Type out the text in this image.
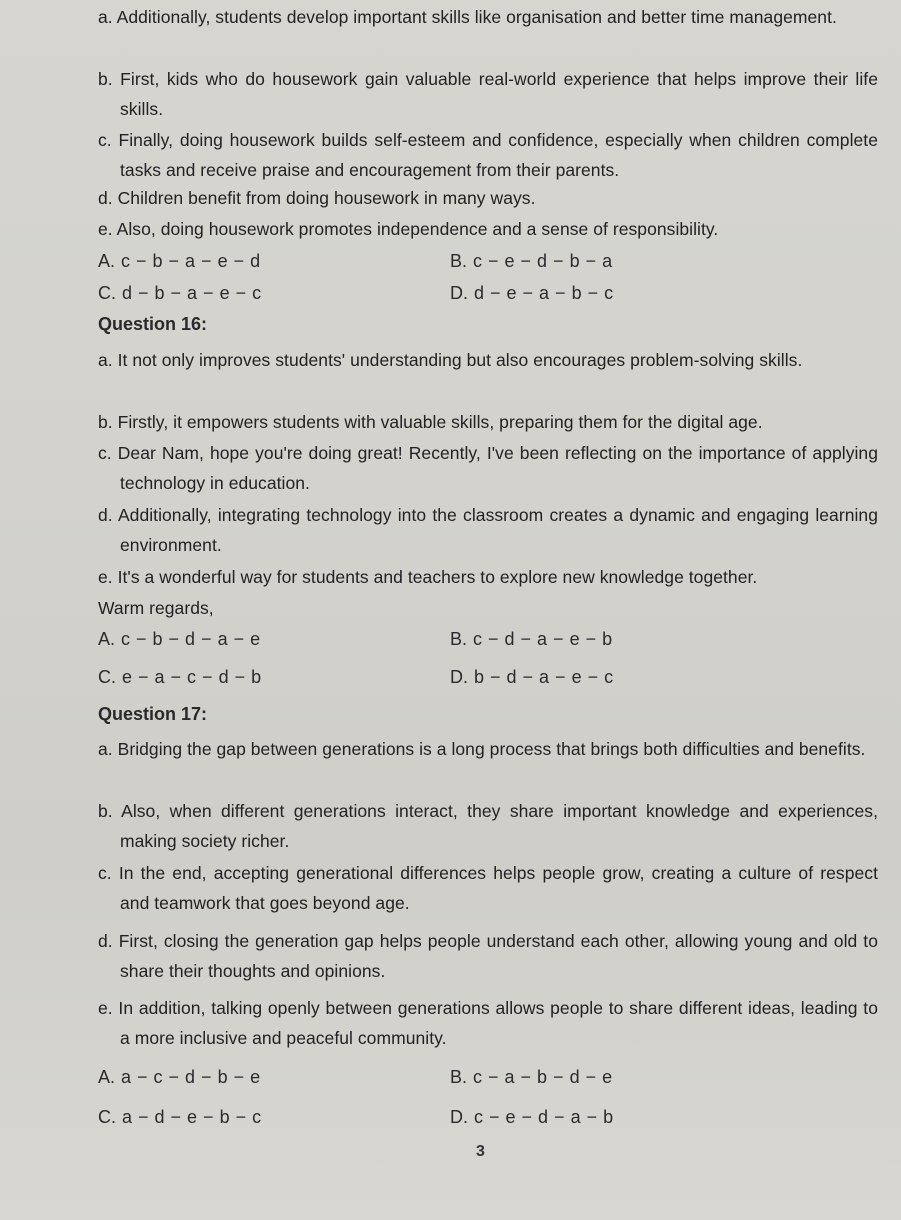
a. Additionally, students develop important skills like organisation and better time management.
b. First, kids who do housework gain valuable real-world experience that helps improve their life skills.
c. Finally, doing housework builds self-esteem and confidence, especially when children complete tasks and receive praise and encouragement from their parents.
d. Children benefit from doing housework in many ways.
e. Also, doing housework promotes independence and a sense of responsibility.
A. c − b − a − e − d	B. c − e − d − b − a
C. d − b − a − e − c	D. d − e − a − b − c
Question 16:
a. It not only improves students' understanding but also encourages problem-solving skills.
b. Firstly, it empowers students with valuable skills, preparing them for the digital age.
c. Dear Nam, hope you're doing great! Recently, I've been reflecting on the importance of applying technology in education.
d. Additionally, integrating technology into the classroom creates a dynamic and engaging learning environment.
e. It's a wonderful way for students and teachers to explore new knowledge together.
Warm regards,
A. c − b − d − a − e	B. c − d − a − e − b
C. e − a − c − d − b	D. b − d − a − e − c
Question 17:
a. Bridging the gap between generations is a long process that brings both difficulties and benefits.
b. Also, when different generations interact, they share important knowledge and experiences, making society richer.
c. In the end, accepting generational differences helps people grow, creating a culture of respect and teamwork that goes beyond age.
d. First, closing the generation gap helps people understand each other, allowing young and old to share their thoughts and opinions.
e. In addition, talking openly between generations allows people to share different ideas, leading to a more inclusive and peaceful community.
A. a − c − d − b − e	B. c − a − b − d − e
C. a − d − e − b − c	D. c − e − d − a − b
3
